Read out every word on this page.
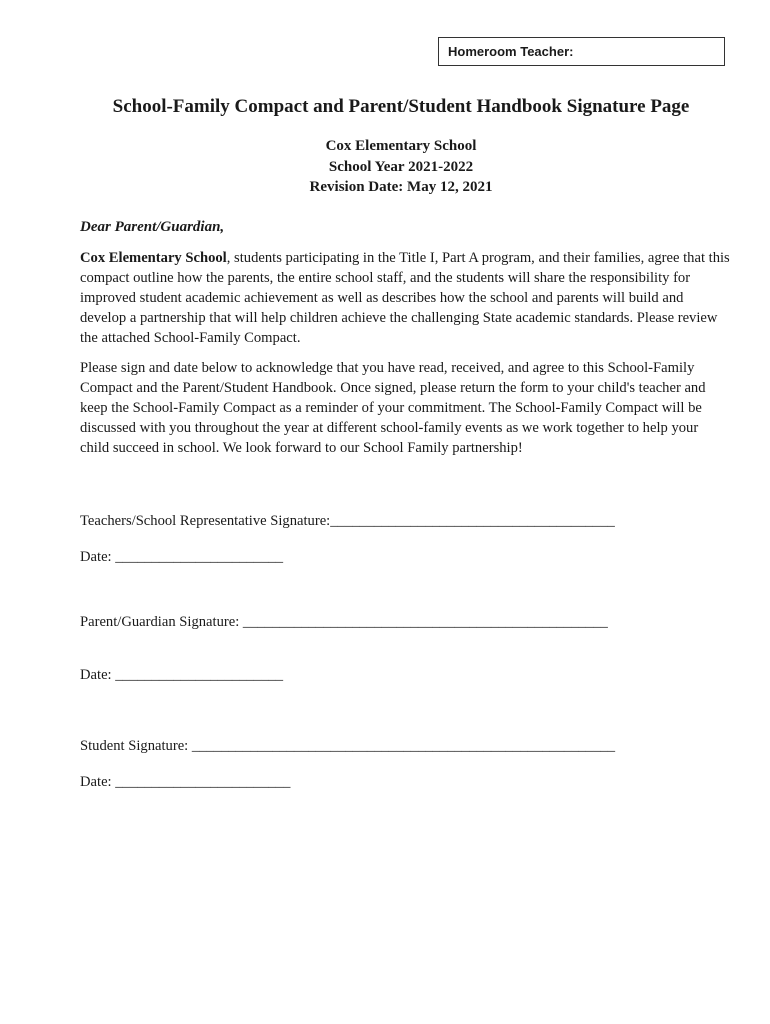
Homeroom Teacher:
School-Family Compact and Parent/Student Handbook Signature Page
Cox Elementary School
School Year 2021-2022
Revision Date: May 12, 2021
Dear Parent/Guardian,

Cox Elementary School, students participating in the Title I, Part A program, and their families, agree that this compact outline how the parents, the entire school staff, and the students will share the responsibility for improved student academic achievement as well as describes how the school and parents will build and develop a partnership that will help children achieve the challenging State academic standards. Please review the attached School-Family Compact.

Please sign and date below to acknowledge that you have read, received, and agree to this School-Family Compact and the Parent/Student Handbook. Once signed, please return the form to your child's teacher and keep the School-Family Compact as a reminder of your commitment. The School-Family Compact will be discussed with you throughout the year at different school-family events as we work together to help your child succeed in school. We look forward to our School Family partnership!

Teachers/School Representative Signature:_______________________________________
Date: _______________________
Parent/Guardian Signature: __________________________________________________
Date: _______________________
Student Signature: __________________________________________________________
Date: ________________________
